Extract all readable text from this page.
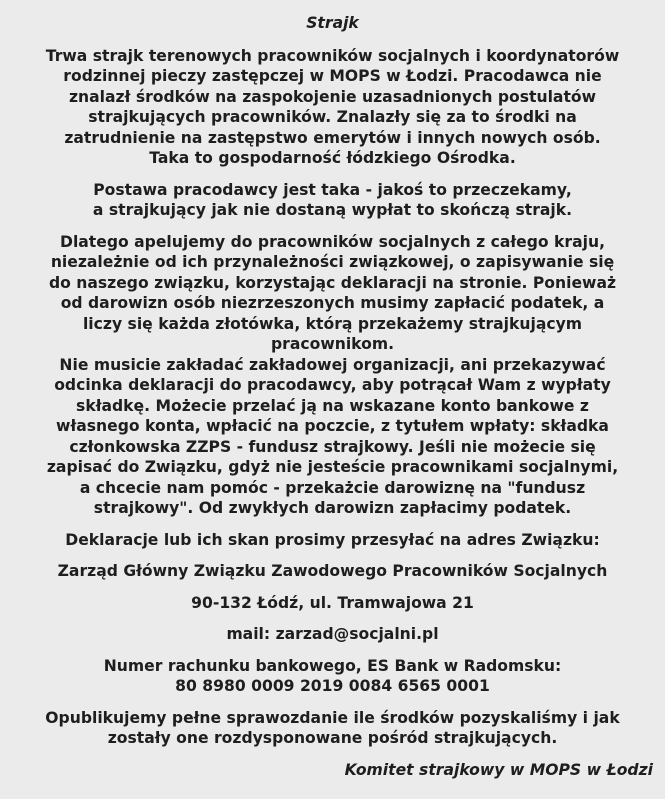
Strajk

Trwa strajk terenowych pracowników socjalnych i koordynatorów
rodzinnej pieczy zastępczej w MOPS w Łodzi. Pracodawca nie
znalazł środków na zaspokojenie uzasadnionych postulatów
strajkujących pracowników. Znalazły się za to środki na
zatrudnienie na zastępstwo emerytów i innych nowych osób.
Taka to gospodarność łódzkiego Ośrodka.

Postawa pracodawcy jest taka - jakoś to przeczekamy,
a strajkujący jak nie dostaną wypłat to skończą strajk.

Dlatego apelujemy do pracowników socjalnych z całego kraju,
niezależnie od ich przynależności związkowej, o zapisywanie się
do naszego związku, korzystając deklaracji na stronie. Ponieważ
od darowizn osób niezrzeszonych musimy zapłacić podatek, a
liczy się każda złotówka, którą przekażemy strajkującym
pracownikom.
Nie musicie zakładać zakładowej organizacji, ani przekazywać
odcinka deklaracji do pracodawcy, aby potrącał Wam z wypłaty
składkę. Możecie przelać ją na wskazane konto bankowe z
własnego konta, wpłacić na poczcie, z tytułem wpłaty: składka
członkowska ZZPS - fundusz strajkowy. Jeśli nie możecie się
zapisać do Związku, gdyż nie jesteście pracownikami socjalnymi,
a chcecie nam pomóc - przekażcie darowiznę na "fundusz
strajkowy". Od zwykłych darowizn zapłacimy podatek.

Deklaracje lub ich skan prosimy przesyłać na adres Związku:

Zarząd Główny Związku Zawodowego Pracowników Socjalnych

90-132 Łódź, ul. Tramwajowa 21

mail: zarzad@socjalni.pl

Numer rachunku bankowego, ES Bank w Radomsku:
80 8980 0009 2019 0084 6565 0001

Opublikujemy pełne sprawozdanie ile środków pozyskaliśmy i jak
zostały one rozdysponowane pośród strajkujących.

Komitet strajkowy w MOPS w Łodzi
